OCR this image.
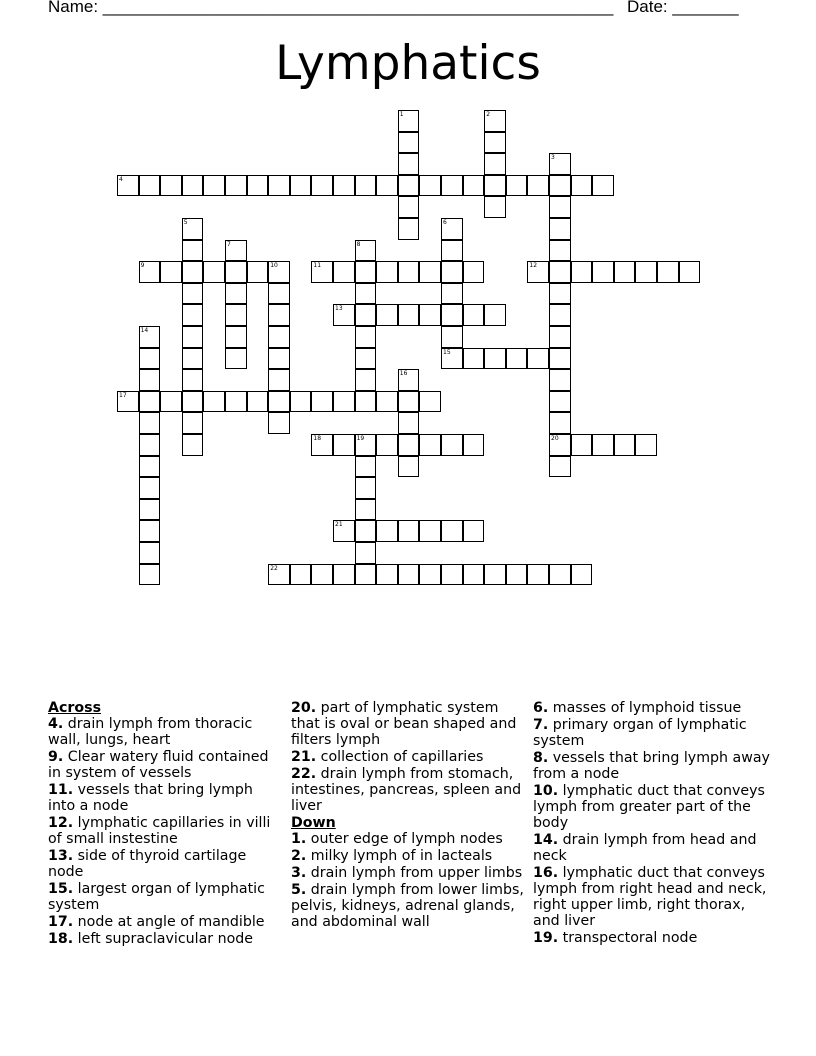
Name: ______________________________________________________ Date: _______
Lymphatics
1	2
3
20
4
5	6
15
7	8
9	10	11	12
13
14
16
17
18	19
21
22
Across
4. drain lymph from thoracic wall, lungs, heart
9. Clear watery fluid contained in system of vessels
11. vessels that bring lymph into a node
12. lymphatic capillaries in villi of small instestine
13. side of thyroid cartilage node
15. largest organ of lymphatic system
17. node at angle of mandible
18. left supraclavicular node
20. part of lymphatic system that is oval or bean shaped and filters lymph
21. collection of capillaries
22. drain lymph from stomach, intestines, pancreas, spleen and liver
Down
1. outer edge of lymph nodes
2. milky lymph of in lacteals
3. drain lymph from upper limbs
5. drain lymph from lower limbs, pelvis, kidneys, adrenal glands, and abdominal wall
6. masses of lymphoid tissue
7. primary organ of lymphatic system
8. vessels that bring lymph away from a node
10. lymphatic duct that conveys lymph from greater part of the body
14. drain lymph from head and neck
16. lymphatic duct that conveys lymph from right head and neck, right upper limb, right thorax, and liver
19. transpectoral node
